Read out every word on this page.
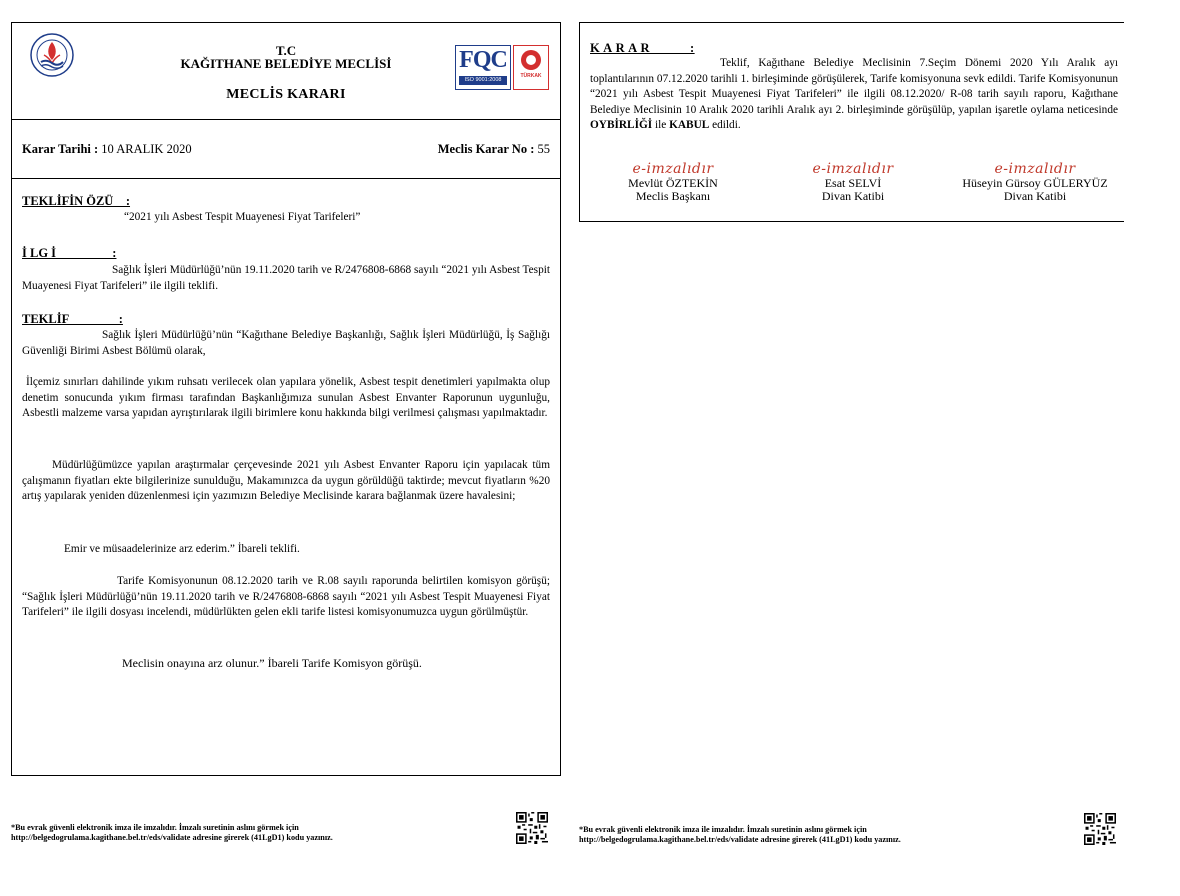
T.C
KAĞITHANE BELEDİYE MECLİSİ
MECLİS KARARI
FQC
ISO 9001:2008
TÜRKAK
Karar Tarihi : 10 ARALIK 2020	Meclis Karar No : 55
TEKLİFİN ÖZÜ    :
“2021 yılı Asbest Tespit Muayenesi Fiyat Tarifeleri”
İ LG İ                  :
Sağlık İşleri Müdürlüğü’nün 19.11.2020 tarih ve R/2476808-6868 sayılı “2021 yılı Asbest Tespit Muayenesi Fiyat Tarifeleri” ile ilgili teklifi.
TEKLİF                :
Sağlık İşleri Müdürlüğü’nün “Kağıthane Belediye Başkanlığı, Sağlık İşleri Müdürlüğü, İş Sağlığı Güvenliği Birimi Asbest Bölümü olarak,
İlçemiz sınırları dahilinde yıkım ruhsatı verilecek olan yapılara yönelik, Asbest tespit denetimleri yapılmakta olup denetim sonucunda yıkım firması tarafından Başkanlığımıza sunulan Asbest Envanter Raporunun uygunluğu, Asbestli malzeme varsa yapıdan ayrıştırılarak ilgili birimlere konu hakkında bilgi verilmesi çalışması yapılmaktadır.
Müdürlüğümüzce yapılan araştırmalar çerçevesinde 2021 yılı Asbest Envanter Raporu için yapılacak tüm çalışmanın fiyatları ekte bilgilerinize sunulduğu, Makamınızca da uygun görüldüğü taktirde; mevcut fiyatların %20 artış yapılarak yeniden düzenlenmesi için yazımızın Belediye Meclisinde karara bağlanmak üzere havalesini;
Emir ve müsaadelerinize arz ederim.” İbareli teklifi.
Tarife Komisyonunun 08.12.2020 tarih ve R.08 sayılı raporunda belirtilen komisyon görüşü; “Sağlık İşleri Müdürlüğü’nün 19.11.2020 tarih ve R/2476808-6868 sayılı “2021 yılı Asbest Tespit Muayenesi Fiyat Tarifeleri” ile ilgili dosyası incelendi, müdürlükten gelen ekli tarife listesi komisyonumuzca uygun görülmüştür.
Meclisin onayına arz olunur.” İbareli Tarife Komisyon görüşü.
*Bu evrak güvenli elektronik imza ile imzalıdır. İmzalı suretinin aslını görmek için
http://belgedogrulama.kagithane.bel.tr/eds/validate adresine girerek (41LgD1) kodu yazınız.
K A R A R           :
Teklif, Kağıthane Belediye Meclisinin 7.Seçim Dönemi 2020 Yılı Aralık ayı toplantılarının 07.12.2020 tarihli 1. birleşiminde görüşülerek, Tarife komisyonuna sevk edildi. Tarife Komisyonunun “2021 yılı Asbest Tespit Muayenesi Fiyat Tarifeleri” ile ilgili 08.12.2020/ R-08 tarih sayılı raporu, Kağıthane Belediye Meclisinin 10 Aralık 2020 tarihli Aralık ayı 2. birleşiminde görüşülüp, yapılan işaretle oylama neticesinde OYBİRLİĞİ ile KABUL edildi.
e-imzalıdır
Mevlüt ÖZTEKİN
Meclis Başkanı
e-imzalıdır
Esat SELVİ
Divan Katibi
e-imzalıdır
Hüseyin Gürsoy GÜLERYÜZ
Divan Katibi
*Bu evrak güvenli elektronik imza ile imzalıdır. İmzalı suretinin aslını görmek için
http://belgedogrulama.kagithane.bel.tr/eds/validate adresine girerek (41LgD1) kodu yazınız.
